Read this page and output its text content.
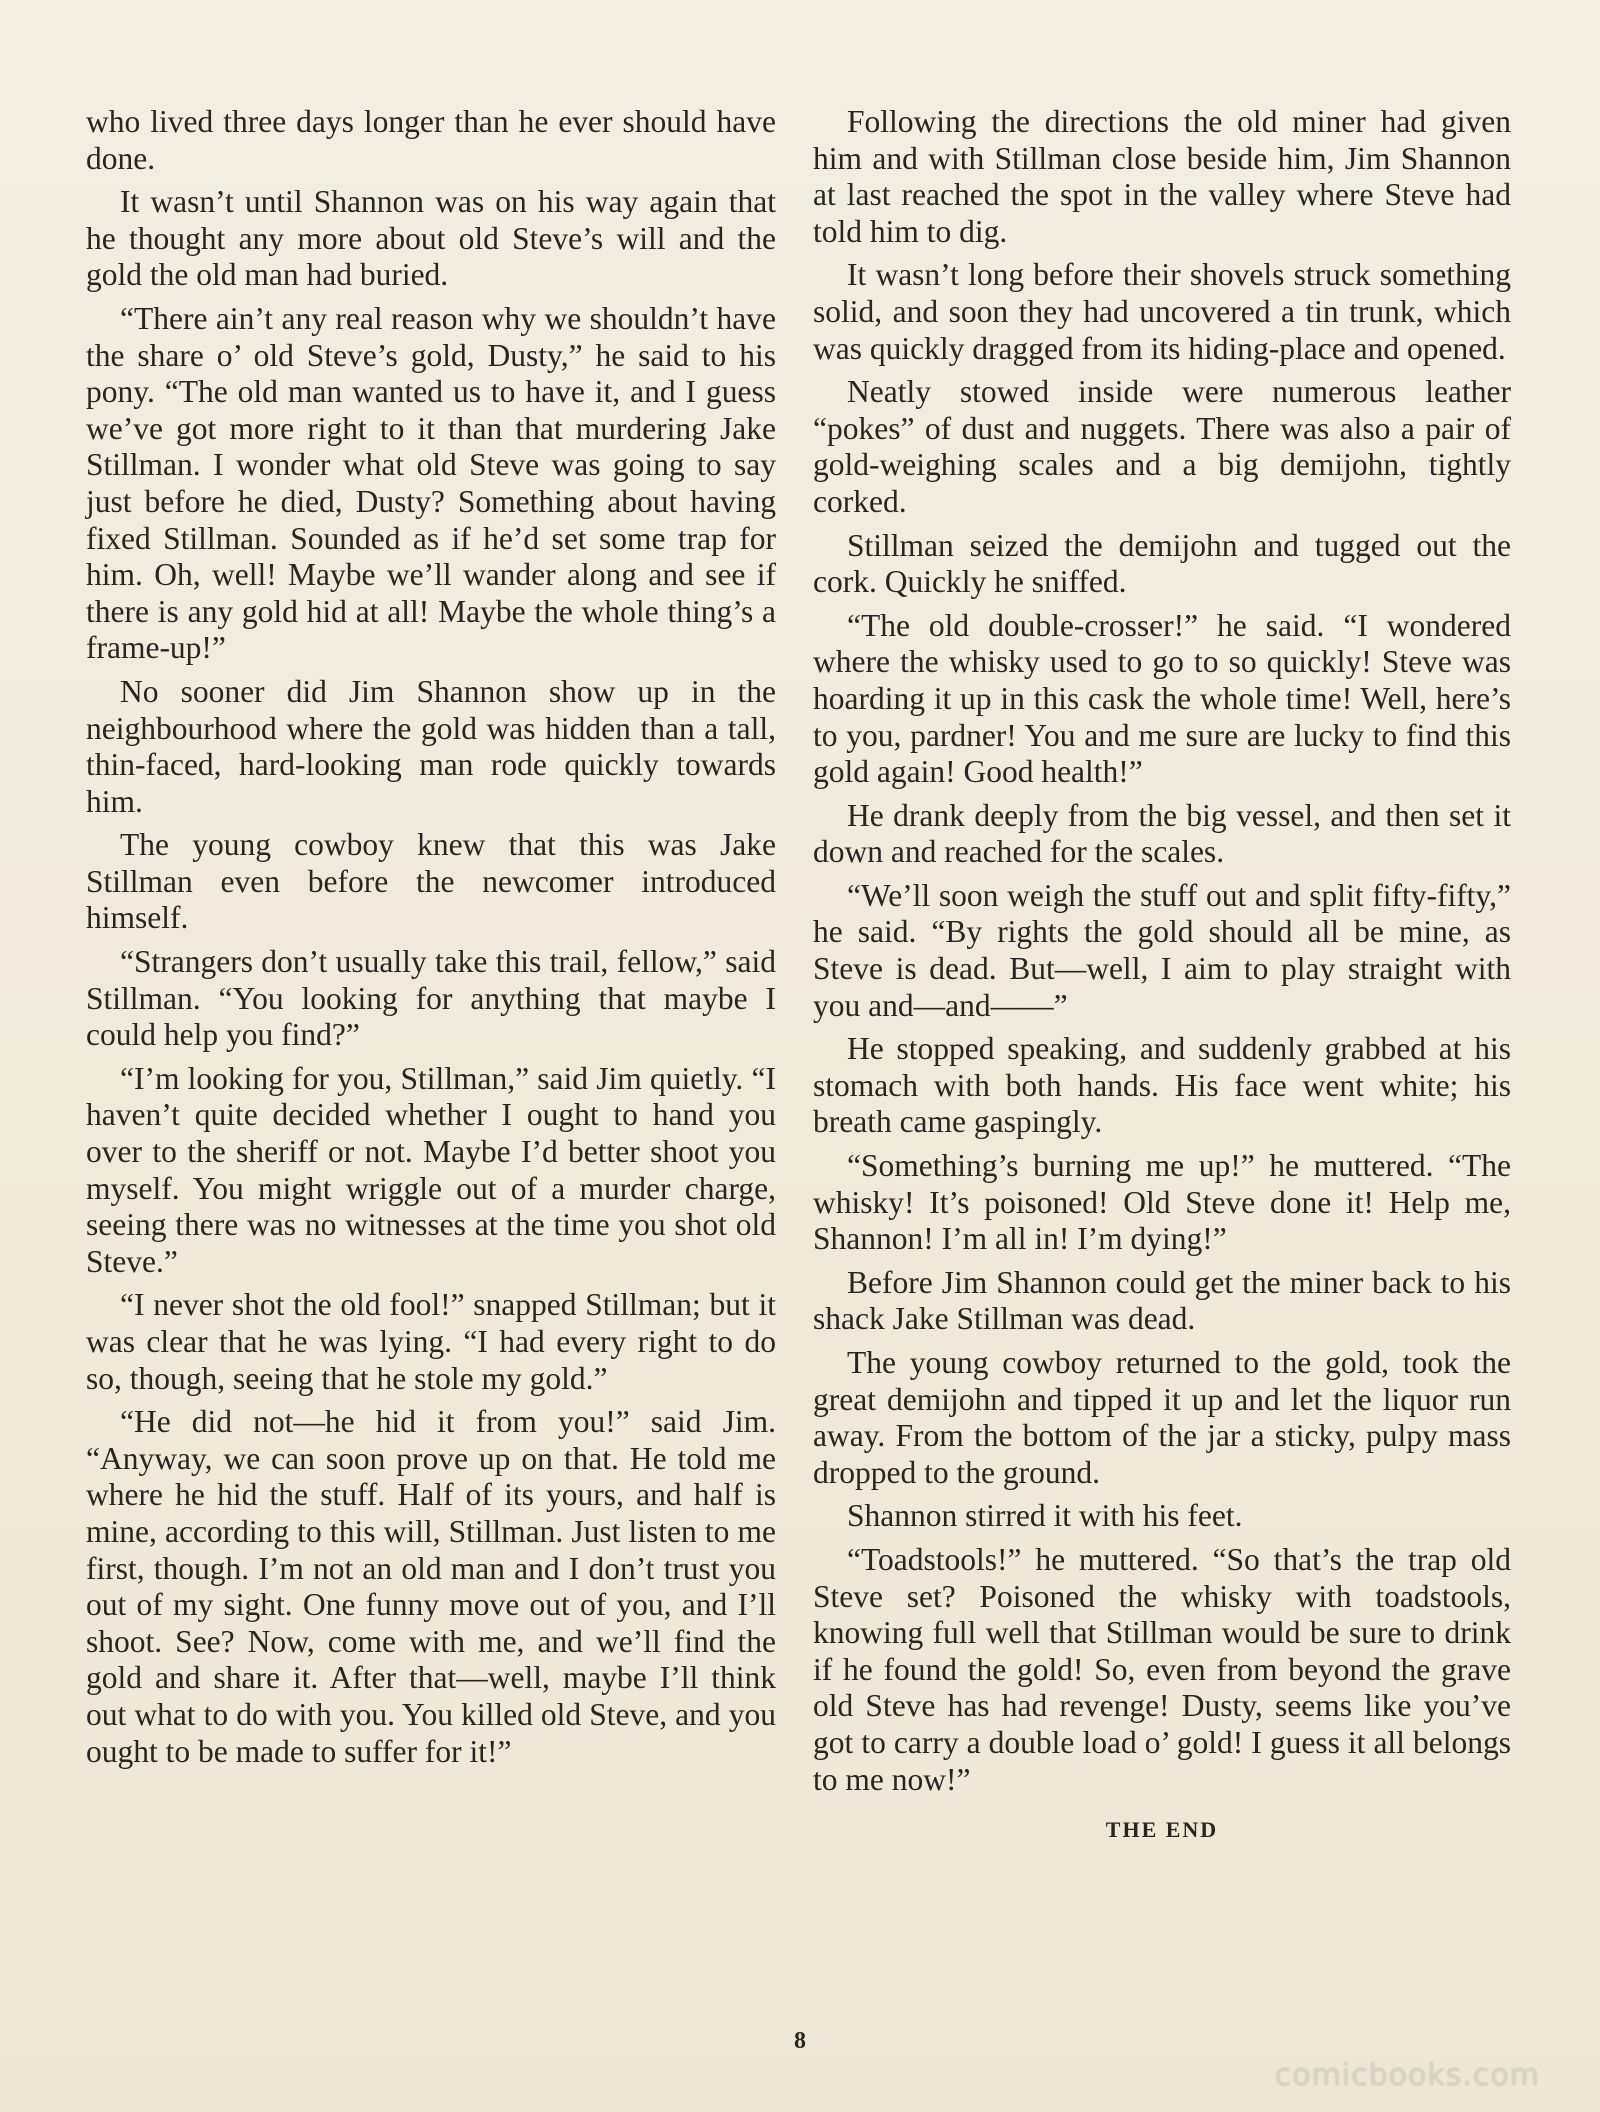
who lived three days longer than he ever should have done.

It wasn’t until Shannon was on his way again that he thought any more about old Steve’s will and the gold the old man had buried.

“There ain’t any real reason why we shouldn’t have the share o’ old Steve’s gold, Dusty,” he said to his pony. “The old man wanted us to have it, and I guess we’ve got more right to it than that murdering Jake Stillman. I wonder what old Steve was going to say just before he died, Dusty? Something about having fixed Stillman. Sounded as if he’d set some trap for him. Oh, well! Maybe we’ll wander along and see if there is any gold hid at all! Maybe the whole thing’s a frame-up!”

No sooner did Jim Shannon show up in the neighbourhood where the gold was hidden than a tall, thin-faced, hard-looking man rode quickly towards him.

The young cowboy knew that this was Jake Stillman even before the newcomer introduced himself.

“Strangers don’t usually take this trail, fellow,” said Stillman. “You looking for anything that maybe I could help you find?”

“I’m looking for you, Stillman,” said Jim quietly. “I haven’t quite decided whether I ought to hand you over to the sheriff or not. Maybe I’d better shoot you myself. You might wriggle out of a murder charge, seeing there was no witnesses at the time you shot old Steve.”

“I never shot the old fool!” snapped Stillman; but it was clear that he was lying. “I had every right to do so, though, seeing that he stole my gold.”

“He did not—he hid it from you!” said Jim. “Anyway, we can soon prove up on that. He told me where he hid the stuff. Half of its yours, and half is mine, according to this will, Stillman. Just listen to me first, though. I’m not an old man and I don’t trust you out of my sight. One funny move out of you, and I’ll shoot. See? Now, come with me, and we’ll find the gold and share it. After that—well, maybe I’ll think out what to do with you. You killed old Steve, and you ought to be made to suffer for it!”

Following the directions the old miner had given him and with Stillman close beside him, Jim Shannon at last reached the spot in the valley where Steve had told him to dig.

It wasn’t long before their shovels struck something solid, and soon they had uncovered a tin trunk, which was quickly dragged from its hiding-place and opened.

Neatly stowed inside were numerous leather “pokes” of dust and nuggets. There was also a pair of gold-weighing scales and a big demijohn, tightly corked.

Stillman seized the demijohn and tugged out the cork. Quickly he sniffed.

“The old double-crosser!” he said. “I wondered where the whisky used to go to so quickly! Steve was hoarding it up in this cask the whole time! Well, here’s to you, pardner! You and me sure are lucky to find this gold again! Good health!”

He drank deeply from the big vessel, and then set it down and reached for the scales.

“We’ll soon weigh the stuff out and split fifty-fifty,” he said. “By rights the gold should all be mine, as Steve is dead. But—well, I aim to play straight with you and—and——”

He stopped speaking, and suddenly grabbed at his stomach with both hands. His face went white; his breath came gaspingly.

“Something’s burning me up!” he muttered. “The whisky! It’s poisoned! Old Steve done it! Help me, Shannon! I’m all in! I’m dying!”

Before Jim Shannon could get the miner back to his shack Jake Stillman was dead.

The young cowboy returned to the gold, took the great demijohn and tipped it up and let the liquor run away. From the bottom of the jar a sticky, pulpy mass dropped to the ground.

Shannon stirred it with his feet.

“Toadstools!” he muttered. “So that’s the trap old Steve set? Poisoned the whisky with toadstools, knowing full well that Stillman would be sure to drink if he found the gold! So, even from beyond the grave old Steve has had revenge! Dusty, seems like you’ve got to carry a double load o’ gold! I guess it all belongs to me now!”

THE END
8
comicbooks.com
